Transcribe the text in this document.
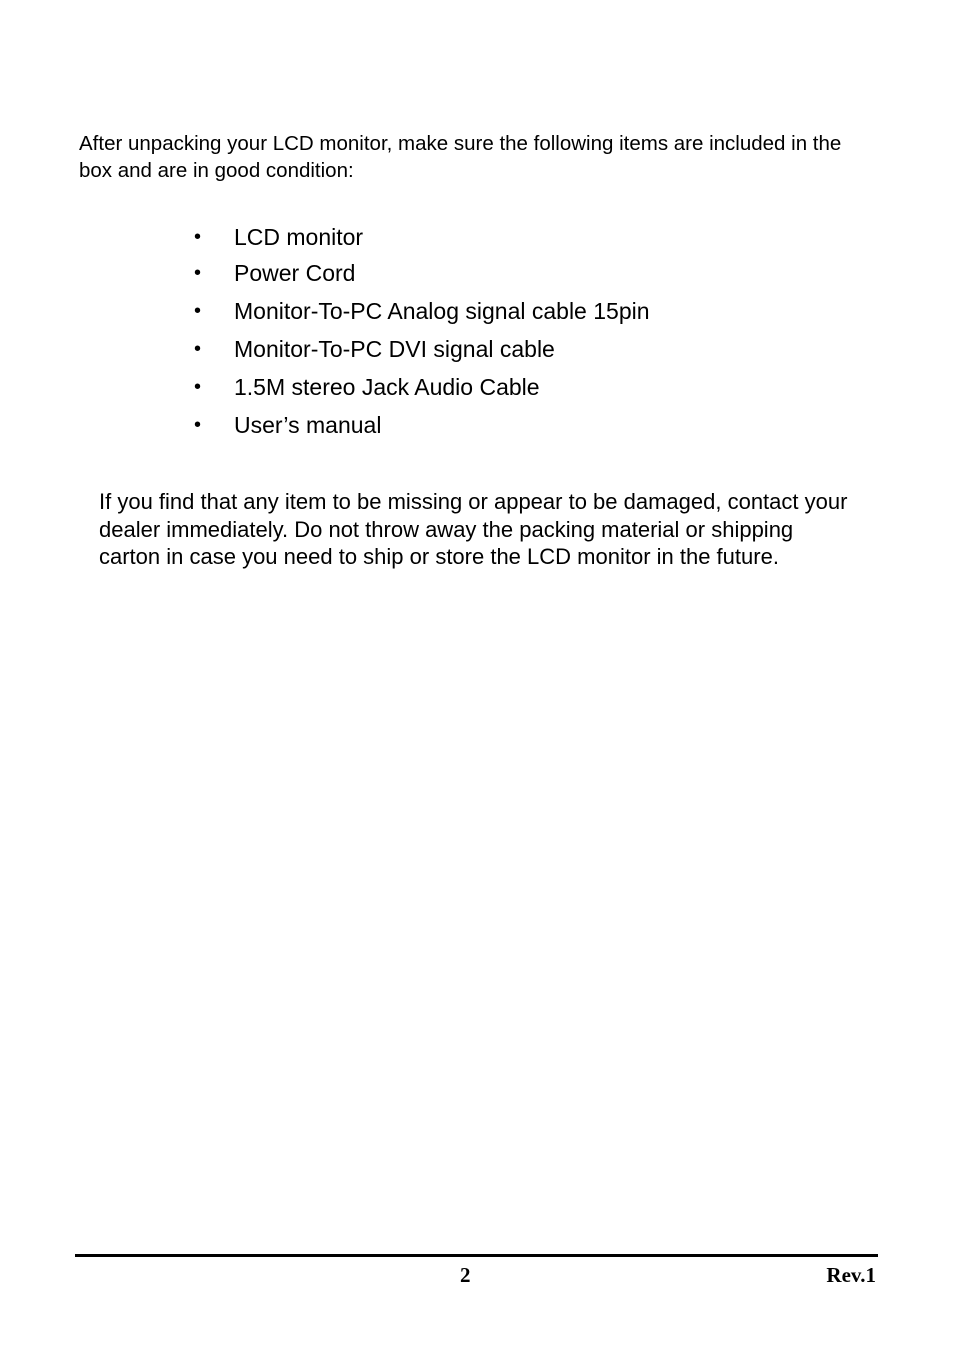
After unpacking your LCD monitor, make sure the following items are included in the box and are in good condition:

•	LCD monitor
•	Power Cord
•	Monitor-To-PC Analog signal cable 15pin
•	Monitor-To-PC DVI signal cable
•	1.5M stereo Jack Audio Cable
•	User’s manual

If you find that any item to be missing or appear to be damaged, contact your dealer immediately. Do not throw away the packing material or shipping carton in case you need to ship or store the LCD monitor in the future.

2	Rev.1
